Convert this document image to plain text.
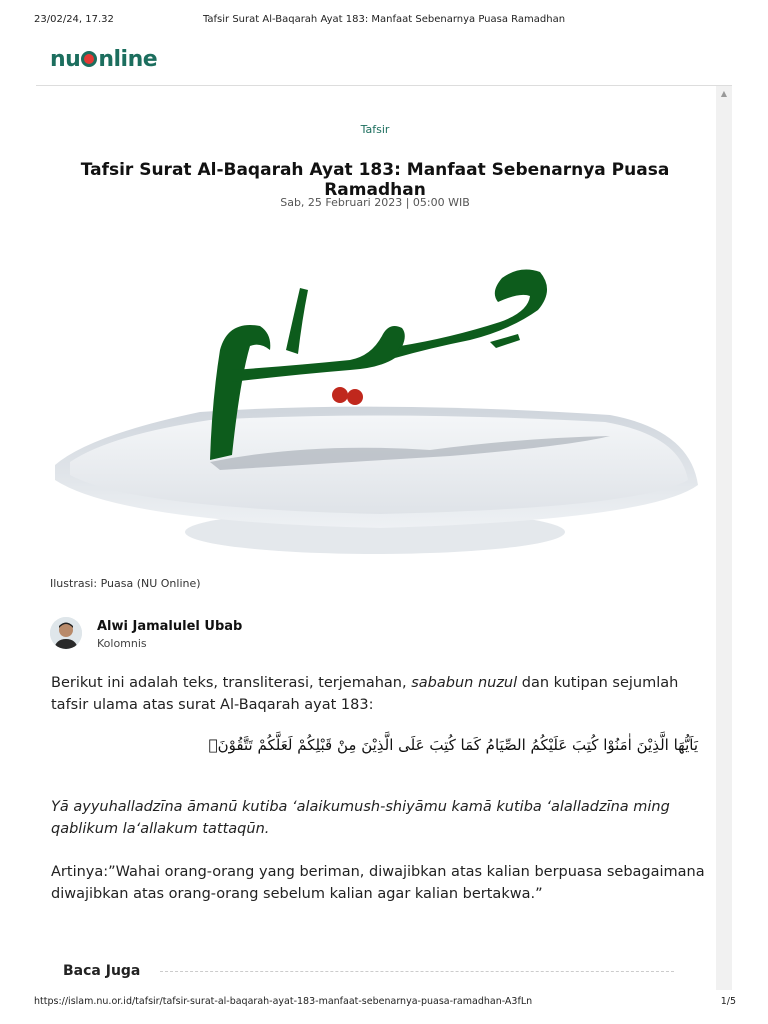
23/02/24, 17.32	Tafsir Surat Al-Baqarah Ayat 183: Manfaat Sebenarnya Puasa Ramadhan
nu nline
▲
Tafsir
Tafsir Surat Al-Baqarah Ayat 183: Manfaat Sebenarnya Puasa Ramadhan
Sab, 25 Februari 2023 | 05:00 WIB
صيام
Ilustrasi: Puasa (NU Online)
Alwi Jamalulel Ubab
Kolomnis
Berikut ini adalah teks, transliterasi, terjemahan, sababun nuzul dan kutipan sejumlah tafsir ulama atas surat Al-Baqarah ayat 183:
يَاَيُّهَا الَّذِيْنَ اٰمَنُوْا كُتِبَ عَلَيْكُمُ الصِّيَامُ كَمَا كُتِبَ عَلَى الَّذِيْنَ مِنْ قَبْلِكُمْ لَعَلَّكُمْ تَتَّقُوْنَۙ
Yā ayyuhalladzīna āmanū kutiba ‘alaikumush-shiyāmu kamā kutiba ‘alalladzīna ming qablikum la‘allakum tattaqūn.
Artinya:”Wahai orang-orang yang beriman, diwajibkan atas kalian berpuasa sebagaimana diwajibkan atas orang-orang sebelum kalian agar kalian bertakwa.”
Baca Juga
https://islam.nu.or.id/tafsir/tafsir-surat-al-baqarah-ayat-183-manfaat-sebenarnya-puasa-ramadhan-A3fLn	1/5
